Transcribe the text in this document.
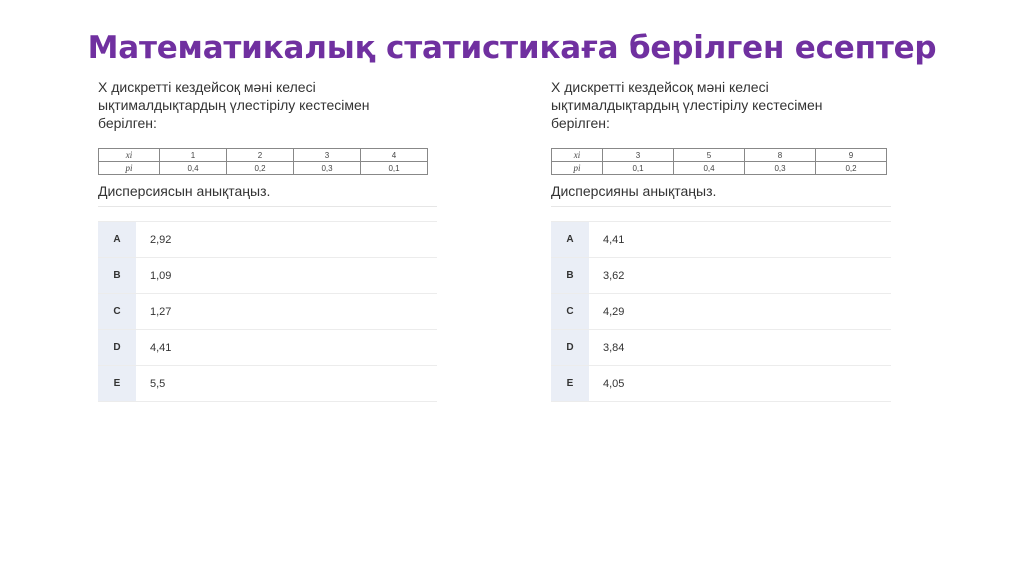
Математикалық статистикаға берілген есептер

X дискретті кездейсоқ мәні келесі
ықтималдықтардың үлестірілу кестесімен
берілген:

xi	1	2	3	4
pi	0,4	0,2	0,3	0,1
Дисперсиясын анықтаңыз.
A	2,92
B	1,09
C	1,27
D	4,41
E	5,5

X дискретті кездейсоқ мәні келесі
ықтималдықтардың үлестірілу кестесімен
берілген:

xi	3	5	8	9
pi	0,1	0,4	0,3	0,2
Дисперсияны анықтаңыз.
A	4,41
B	3,62
C	4,29
D	3,84
E	4,05
